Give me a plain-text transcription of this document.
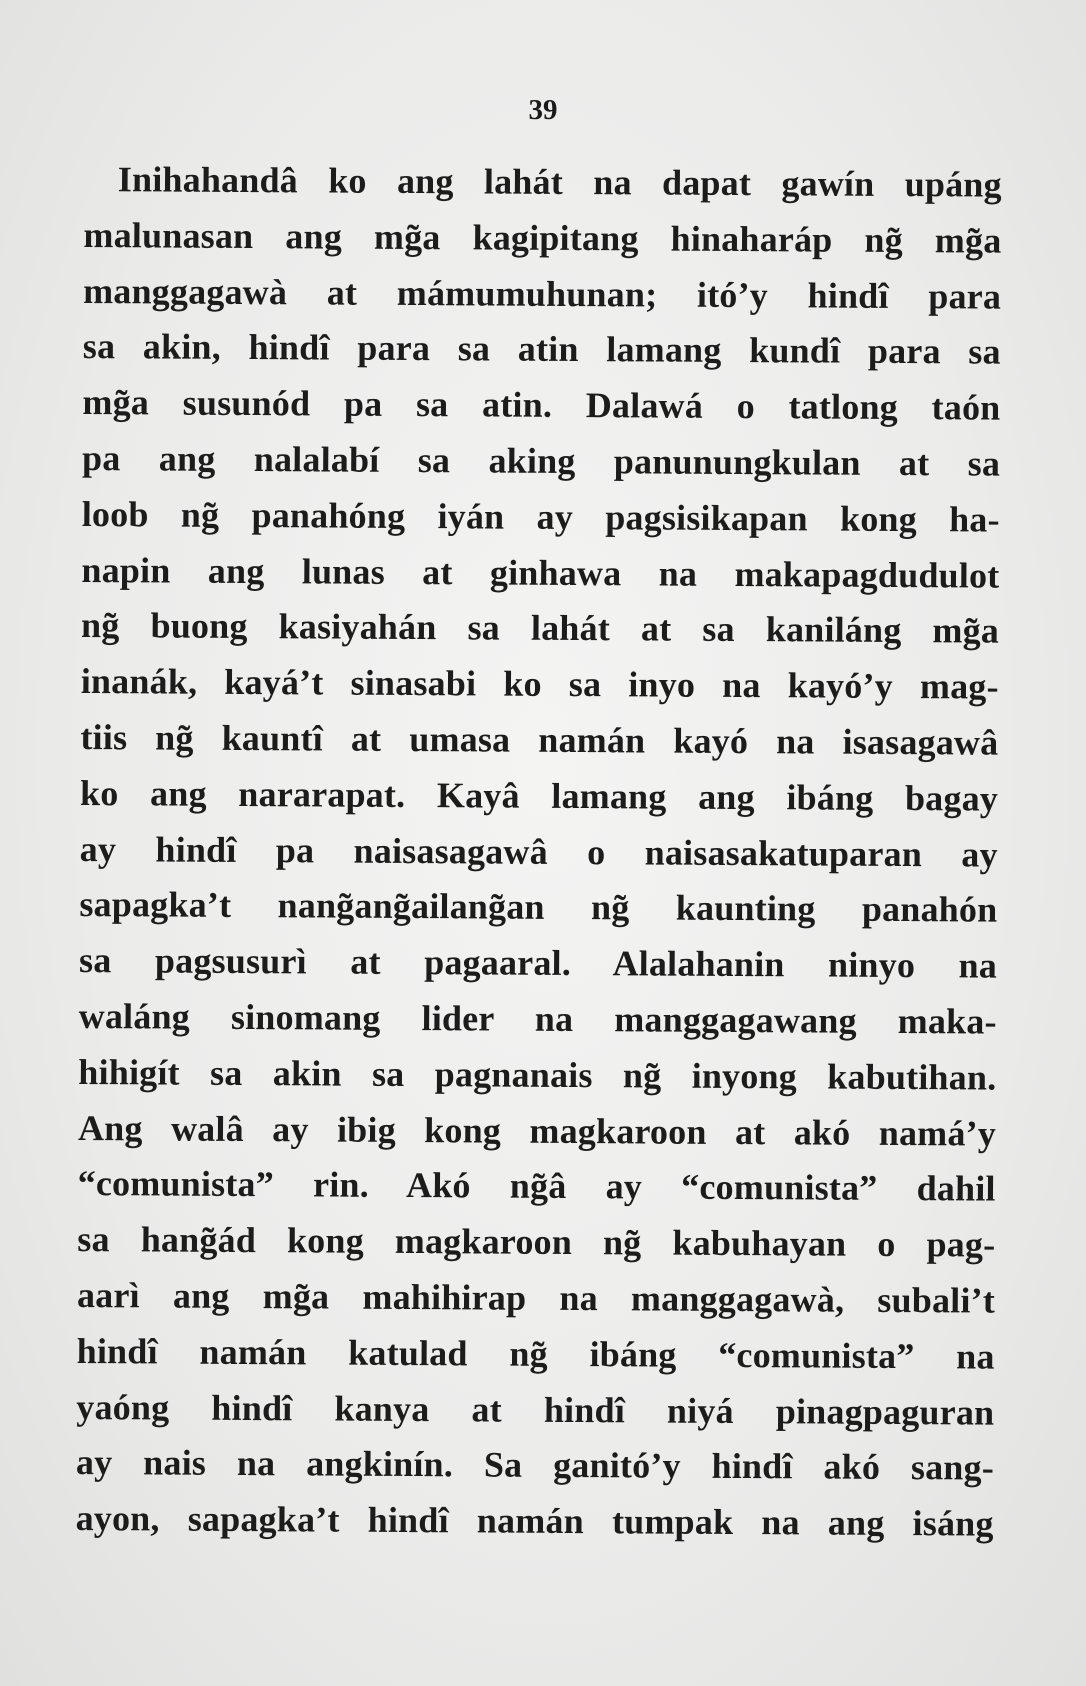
39
Inihahandâ ko ang lahát na dapat gawín upáng
malunasan ang mg̃a kagipitang hinaharáp ng̃ mg̃a
manggagawà at mámumuhunan; itó’y hindî para
sa akin, hindî para sa atin lamang kundî para sa
mg̃a susunód pa sa atin. Dalawá o tatlong taón
pa ang nalalabí sa aking panunungkulan at sa
loob ng̃ panahóng iyán ay pagsisikapan kong ha-
napin ang lunas at ginhawa na makapagdudulot
ng̃ buong kasiyahán sa lahát at sa kaniláng mg̃a
inanák, kayá’t sinasabi ko sa inyo na kayó’y mag-
tiis ng̃ kauntî at umasa namán kayó na isasagawâ
ko ang nararapat. Kayâ lamang ang ibáng bagay
ay hindî pa naisasagawâ o naisasakatuparan ay
sapagka’t nang̃ang̃ailang̃an ng̃ kaunting panahón
sa pagsusurì at pagaaral. Alalahanin ninyo na
waláng sinomang lider na manggagawang maka-
hihigít sa akin sa pagnanais ng̃ inyong kabutihan.
Ang walâ ay ibig kong magkaroon at akó namá’y
“comunista” rin. Akó ng̃â ay “comunista” dahil
sa hang̃ád kong magkaroon ng̃ kabuhayan o pag-
aarì ang mg̃a mahihirap na manggagawà, subali’t
hindî namán katulad ng̃ ibáng “comunista” na
yaóng hindî kanya at hindî niyá pinagpaguran
ay nais na angkinín. Sa ganitó’y hindî akó sang-
ayon, sapagka’t hindî namán tumpak na ang isáng
